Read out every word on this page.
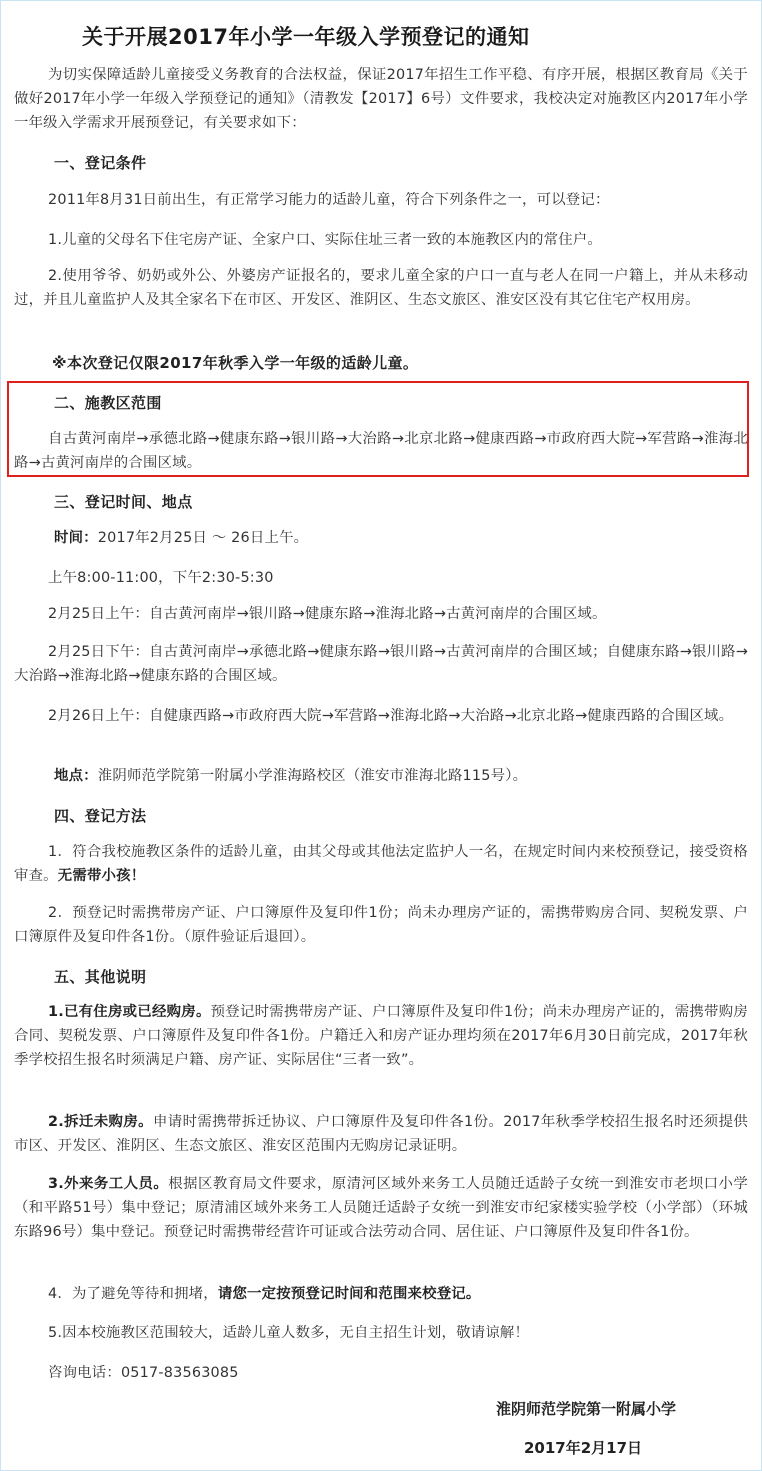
关于开展2017年小学一年级入学预登记的通知
为切实保障适龄儿童接受义务教育的合法权益，保证2017年招生工作平稳、有序开展，根据区教育局《关于做好2017年小学一年级入学预登记的通知》（清教发【2017】6号）文件要求，我校决定对施教区内2017年小学一年级入学需求开展预登记，有关要求如下：
一、登记条件
2011年8月31日前出生，有正常学习能力的适龄儿童，符合下列条件之一，可以登记：
1.儿童的父母名下住宅房产证、全家户口、实际住址三者一致的本施教区内的常住户。
2.使用爷爷、奶奶或外公、外婆房产证报名的，要求儿童全家的户口一直与老人在同一户籍上，并从未移动过，并且儿童监护人及其全家名下在市区、开发区、淮阴区、生态文旅区、淮安区没有其它住宅产权用房。
※本次登记仅限2017年秋季入学一年级的适龄儿童。
二、施教区范围
自古黄河南岸→承德北路→健康东路→银川路→大治路→北京北路→健康西路→市政府西大院→军营路→淮海北路→古黄河南岸的合围区域。
三、登记时间、地点
时间：2017年2月25日 ～ 26日上午。
上午8:00-11:00，下午2:30-5:30
2月25日上午：自古黄河南岸→银川路→健康东路→淮海北路→古黄河南岸的合围区域。
2月25日下午：自古黄河南岸→承德北路→健康东路→银川路→古黄河南岸的合围区域；自健康东路→银川路→大治路→淮海北路→健康东路的合围区域。
2月26日上午：自健康西路→市政府西大院→军营路→淮海北路→大治路→北京北路→健康西路的合围区域。
地点：淮阴师范学院第一附属小学淮海路校区（淮安市淮海北路115号）。
四、登记方法
1．符合我校施教区条件的适龄儿童，由其父母或其他法定监护人一名，在规定时间内来校预登记，接受资格审查。无需带小孩！
2．预登记时需携带房产证、户口簿原件及复印件1份；尚未办理房产证的，需携带购房合同、契税发票、户口簿原件及复印件各1份。（原件验证后退回）。
五、其他说明
1.已有住房或已经购房。预登记时需携带房产证、户口簿原件及复印件1份；尚未办理房产证的，需携带购房合同、契税发票、户口簿原件及复印件各1份。户籍迁入和房产证办理均须在2017年6月30日前完成，2017年秋季学校招生报名时须满足户籍、房产证、实际居住“三者一致”。
2.拆迁未购房。申请时需携带拆迁协议、户口簿原件及复印件各1份。2017年秋季学校招生报名时还须提供市区、开发区、淮阴区、生态文旅区、淮安区范围内无购房记录证明。
3.外来务工人员。根据区教育局文件要求，原清河区域外来务工人员随迁适龄子女统一到淮安市老坝口小学（和平路51号）集中登记；原清浦区域外来务工人员随迁适龄子女统一到淮安市纪家楼实验学校（小学部）（环城东路96号）集中登记。预登记时需携带经营许可证或合法劳动合同、居住证、户口簿原件及复印件各1份。
4．为了避免等待和拥堵，请您一定按预登记时间和范围来校登记。
5.因本校施教区范围较大，适龄儿童人数多，无自主招生计划，敬请谅解！
咨询电话：0517-83563085
淮阴师范学院第一附属小学
2017年2月17日
